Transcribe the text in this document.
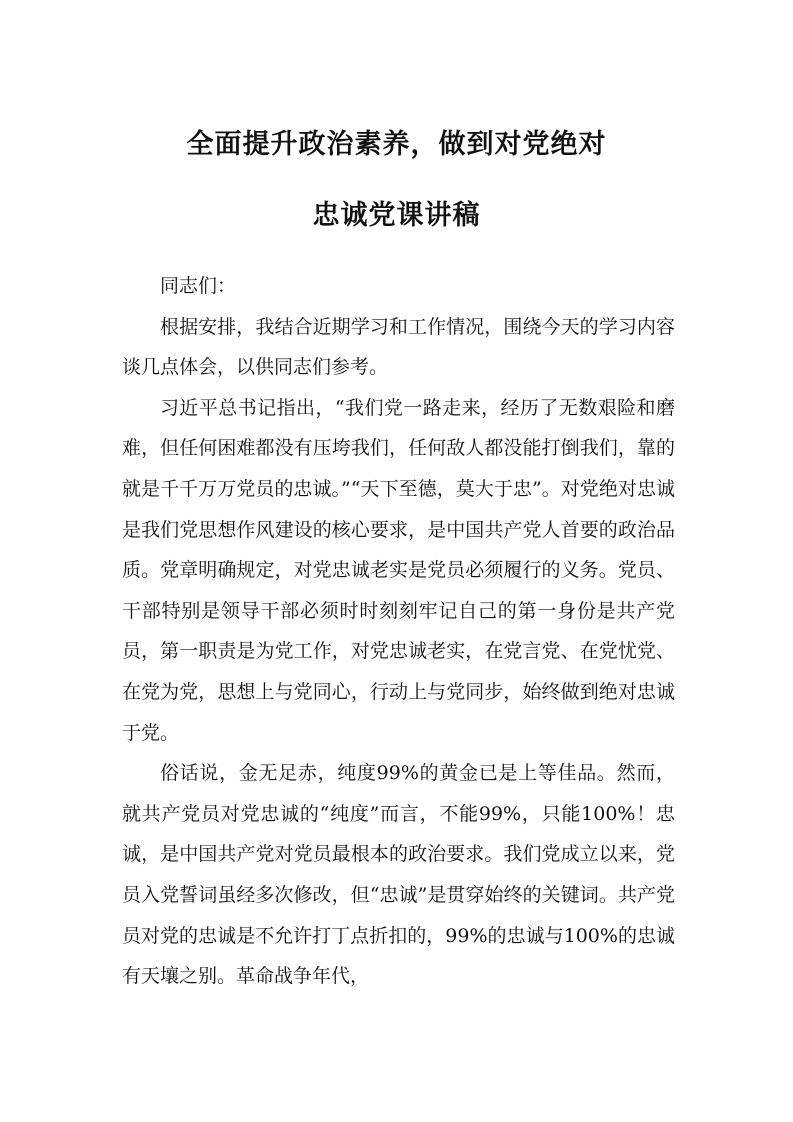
全面提升政治素养，做到对党绝对
忠诚党课讲稿

同志们：

根据安排，我结合近期学习和工作情况，围绕今天的学习内容谈几点体会，以供同志们参考。

习近平总书记指出，“我们党一路走来，经历了无数艰险和磨难，但任何困难都没有压垮我们，任何敌人都没能打倒我们，靠的就是千千万万党员的忠诚。”“天下至德，莫大于忠”。对党绝对忠诚是我们党思想作风建设的核心要求，是中国共产党人首要的政治品质。党章明确规定，对党忠诚老实是党员必须履行的义务。党员、干部特别是领导干部必须时时刻刻牢记自己的第一身份是共产党员，第一职责是为党工作，对党忠诚老实，在党言党、在党忧党、在党为党，思想上与党同心，行动上与党同步，始终做到绝对忠诚于党。

俗话说，金无足赤，纯度99%的黄金已是上等佳品。然而，就共产党员对党忠诚的“纯度”而言，不能99%，只能100%！忠诚，是中国共产党对党员最根本的政治要求。我们党成立以来，党员入党誓词虽经多次修改，但“忠诚”是贯穿始终的关键词。共产党员对党的忠诚是不允许打丁点折扣的，99%的忠诚与100%的忠诚有天壤之别。革命战争年代，
